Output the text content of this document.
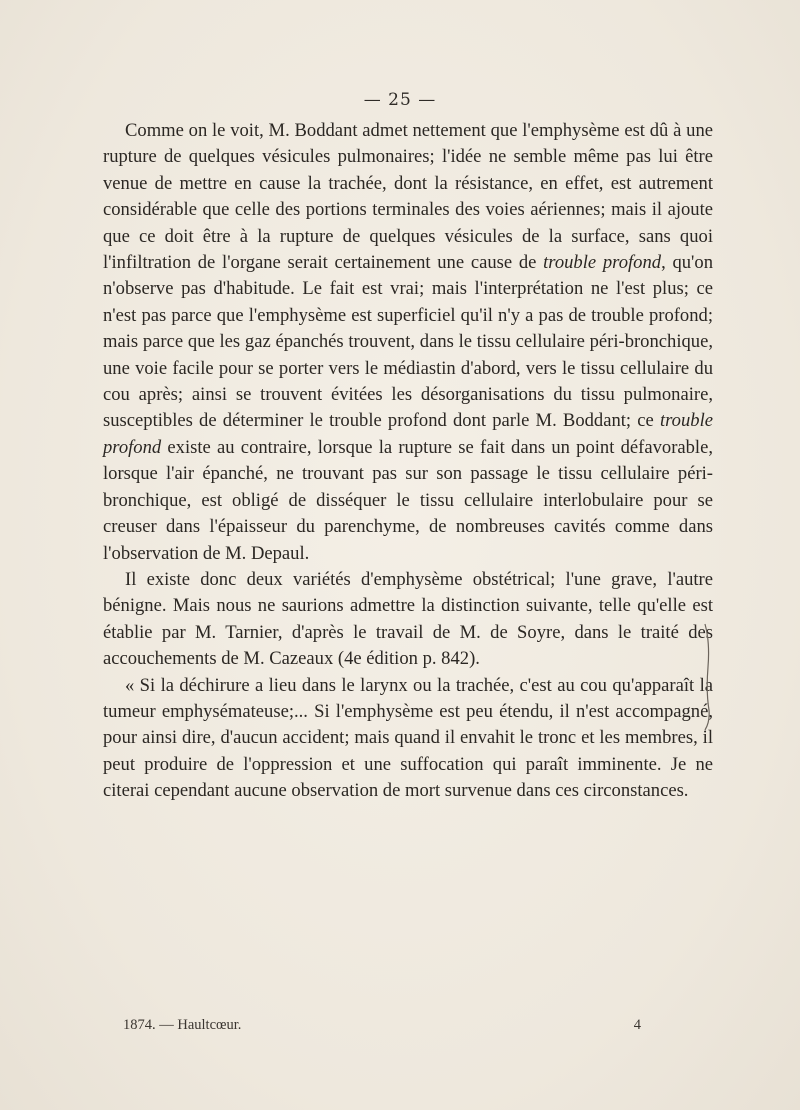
— 25 —

Comme on le voit, M. Boddant admet nettement que l'emphysème est dû à une rupture de quelques vésicules pulmonaires; l'idée ne semble même pas lui être venue de mettre en cause la trachée, dont la résistance, en effet, est autrement considérable que celle des portions terminales des voies aériennes; mais il ajoute que ce doit être à la rupture de quelques vésicules de la surface, sans quoi l'infiltration de l'organe serait certainement une cause de trouble profond, qu'on n'observe pas d'habitude. Le fait est vrai; mais l'interprétation ne l'est plus; ce n'est pas parce que l'emphysème est superficiel qu'il n'y a pas de trouble profond; mais parce que les gaz épanchés trouvent, dans le tissu cellulaire péri-bronchique, une voie facile pour se porter vers le médiastin d'abord, vers le tissu cellulaire du cou après; ainsi se trouvent évitées les désorganisations du tissu pulmonaire, susceptibles de déterminer le trouble profond dont parle M. Boddant; ce trouble profond existe au contraire, lorsque la rupture se fait dans un point défavorable, lorsque l'air épanché, ne trouvant pas sur son passage le tissu cellulaire péri-bronchique, est obligé de disséquer le tissu cellulaire interlobulaire pour se creuser dans l'épaisseur du parenchyme, de nombreuses cavités comme dans l'observation de M. Depaul.

Il existe donc deux variétés d'emphysème obstétrical; l'une grave, l'autre bénigne. Mais nous ne saurions admettre la distinction suivante, telle qu'elle est établie par M. Tarnier, d'après le travail de M. de Soyre, dans le traité des accouchements de M. Cazeaux (4e édition p. 842).

« Si la déchirure a lieu dans le larynx ou la trachée, c'est au cou qu'apparaît la tumeur emphysémateuse;... Si l'emphysème est peu étendu, il n'est accompagné, pour ainsi dire, d'aucun accident; mais quand il envahit le tronc et les membres, il peut produire de l'oppression et une suffocation qui paraît imminente. Je ne citerai cependant aucune observation de mort survenue dans ces circonstances.

1874. — Haultcœur.	4
